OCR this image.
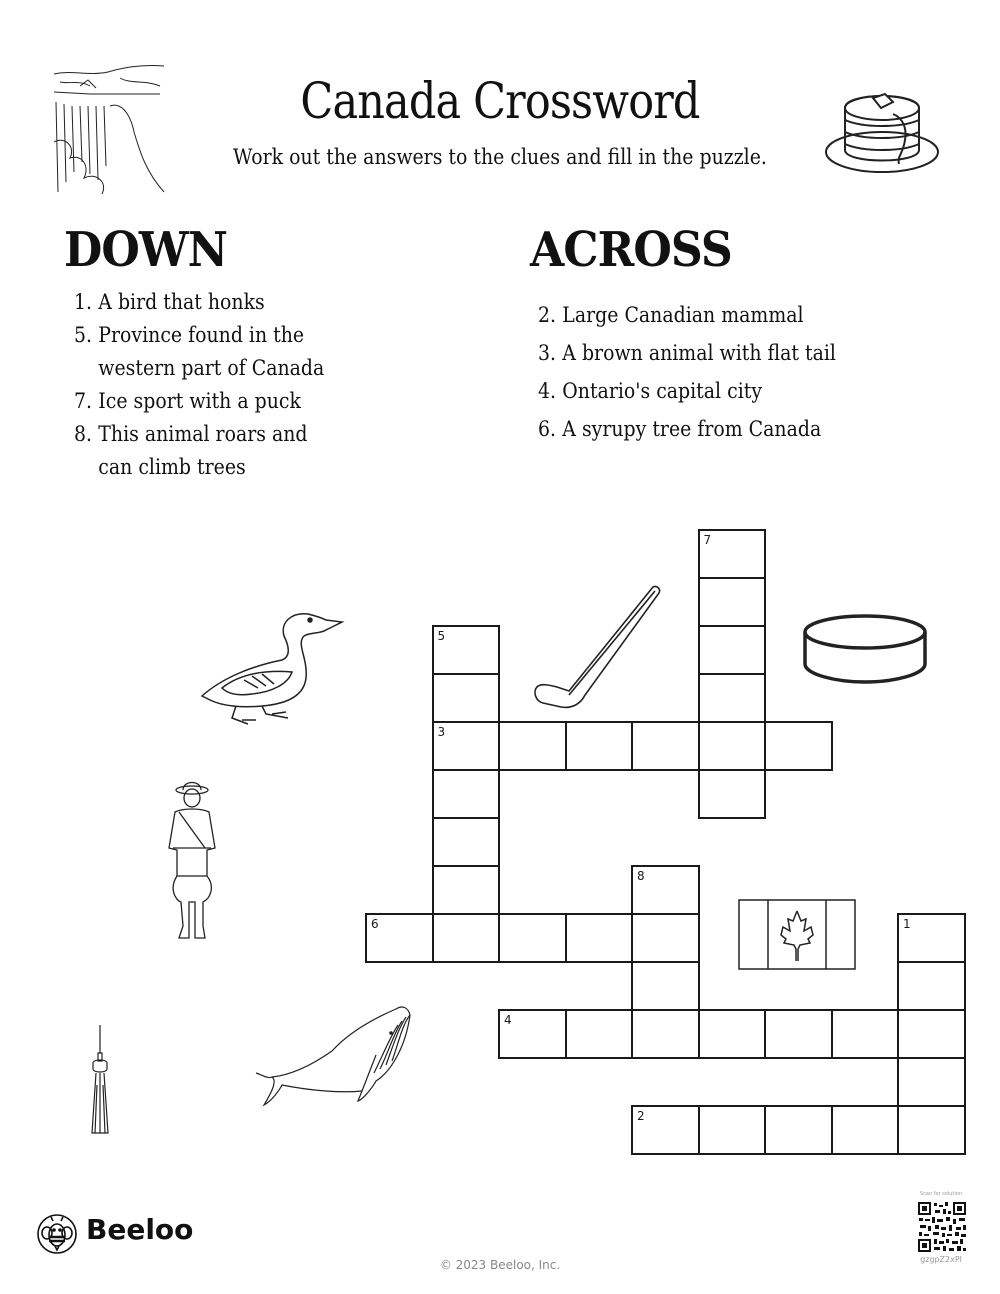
Canada Crossword
Work out the answers to the clues and fill in the puzzle.
DOWN
1. A bird that honks
5. Province found in the western part of Canada
7. Ice sport with a puck
8. This animal roars and can climb trees
ACROSS
2. Large Canadian mammal
3. A brown animal with flat tail
4. Ontario's capital city
6. A syrupy tree from Canada
7
5
3
8
6	1
4
2
Beeloo
© 2023 Beeloo, Inc.
Scan for solution
gzgpZ2xPl
